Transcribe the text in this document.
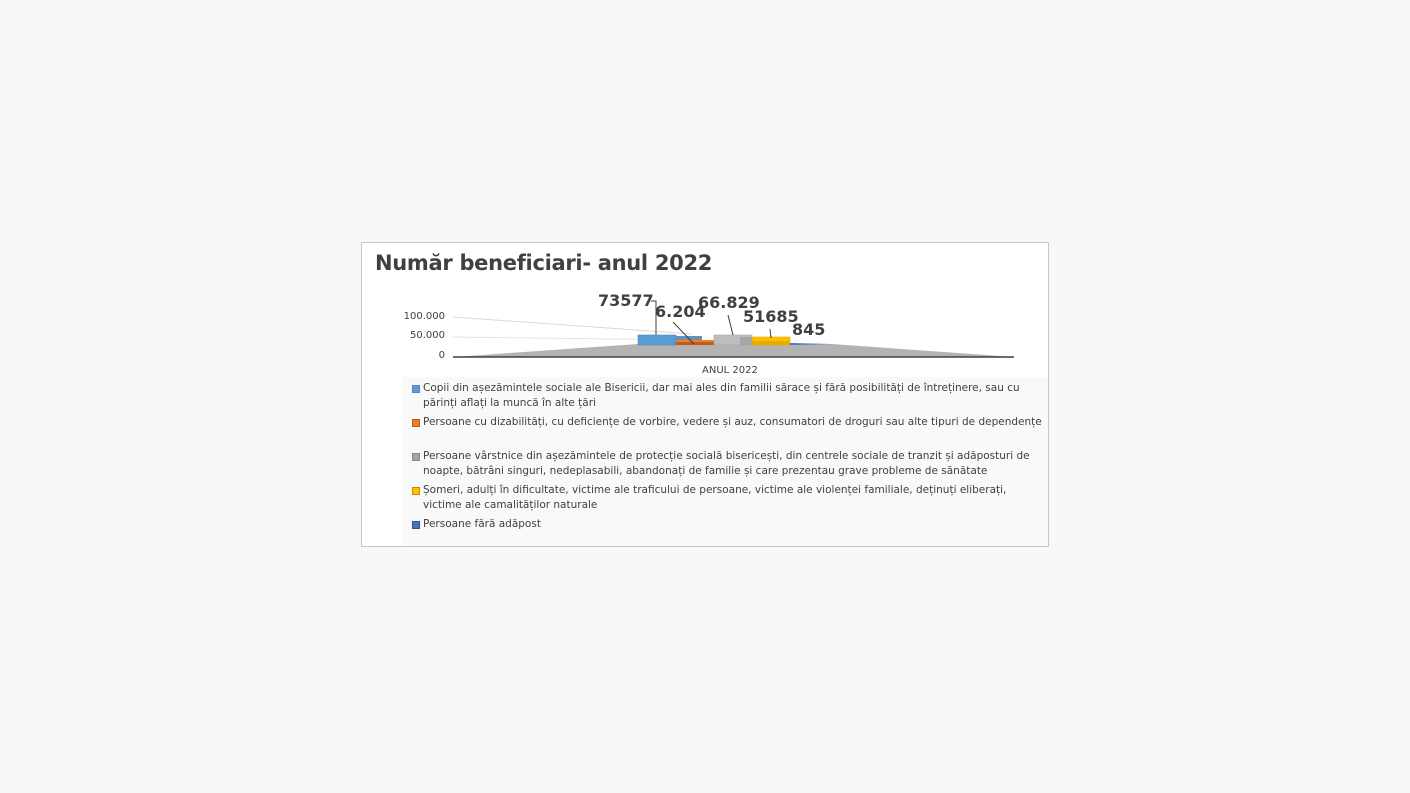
Număr beneficiari- anul 2022
100.000
50.000
0
73577
6.204
66.829
51685
845
ANUL 2022
Copii din așezămintele sociale ale Bisericii, dar mai ales din familii sărace și fără posibilități de întreținere, sau cu părinți aflați la muncă în alte țări
Persoane cu dizabilități, cu deficiențe de vorbire, vedere și auz, consumatori de droguri sau alte tipuri de dependențe
Persoane vârstnice din așezămintele de protecție socială bisericești, din centrele sociale de tranzit și adăposturi de noapte, bătrâni singuri, nedeplasabili, abandonați de familie și care prezentau grave probleme de sănătate
Șomeri, adulți în dificultate, victime ale traficului de persoane, victime ale violenței familiale, deținuți eliberați, victime ale camalităților naturale
Persoane fără adăpost
